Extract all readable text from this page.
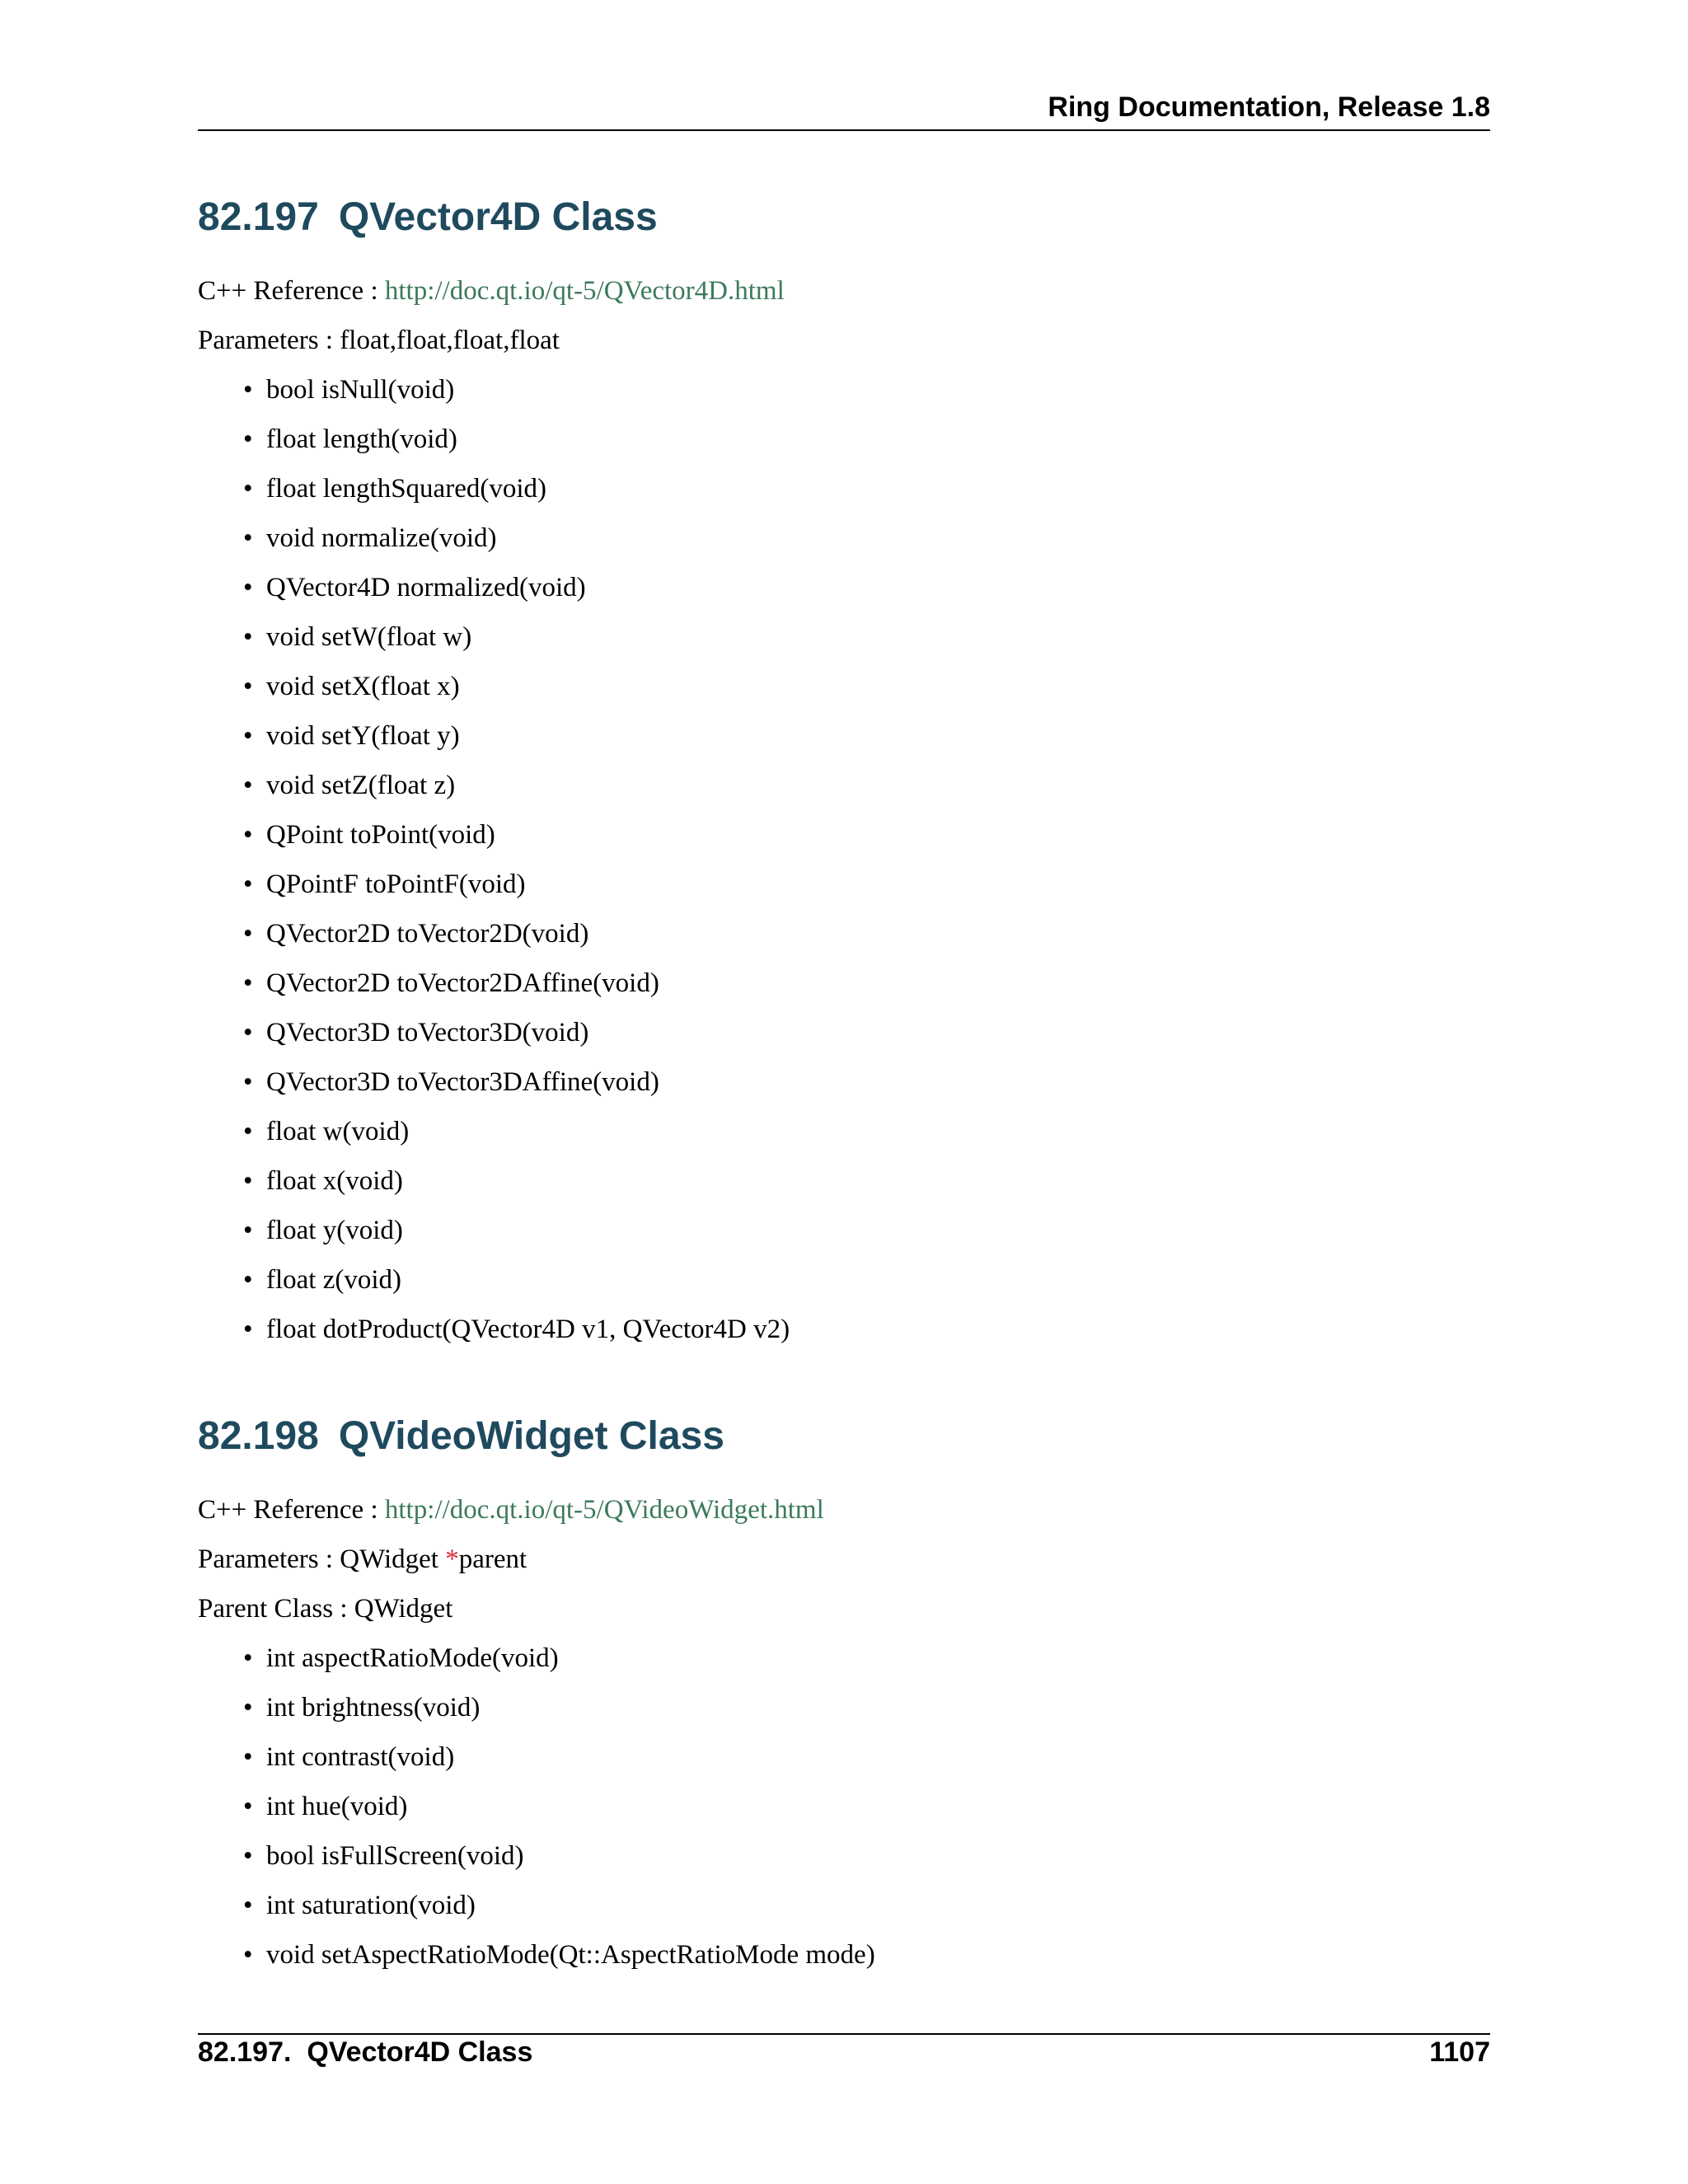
Ring Documentation, Release 1.8
82.197 QVector4D Class
C++ Reference : http://doc.qt.io/qt-5/QVector4D.html
Parameters : float,float,float,float
• bool isNull(void)
• float length(void)
• float lengthSquared(void)
• void normalize(void)
• QVector4D normalized(void)
• void setW(float w)
• void setX(float x)
• void setY(float y)
• void setZ(float z)
• QPoint toPoint(void)
• QPointF toPointF(void)
• QVector2D toVector2D(void)
• QVector2D toVector2DAffine(void)
• QVector3D toVector3D(void)
• QVector3D toVector3DAffine(void)
• float w(void)
• float x(void)
• float y(void)
• float z(void)
• float dotProduct(QVector4D v1, QVector4D v2)
82.198 QVideoWidget Class
C++ Reference : http://doc.qt.io/qt-5/QVideoWidget.html
Parameters : QWidget *parent
Parent Class : QWidget
• int aspectRatioMode(void)
• int brightness(void)
• int contrast(void)
• int hue(void)
• bool isFullScreen(void)
• int saturation(void)
• void setAspectRatioMode(Qt::AspectRatioMode mode)
82.197.  QVector4D Class	1107
